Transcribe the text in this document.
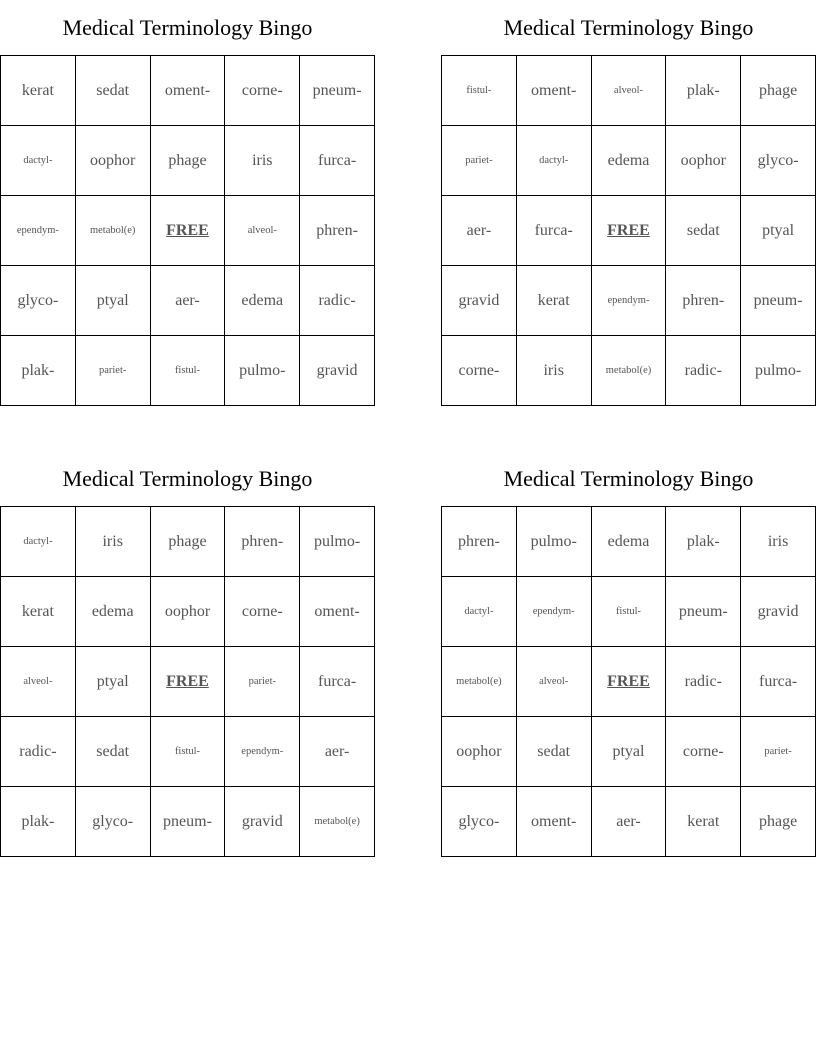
Medical Terminology Bingo
kerat	sedat	oment-	corne-	pneum-
dactyl-	oophor	phage	iris	furca-
ependym-	metabol(e)	FREE	alveol-	phren-
glyco-	ptyal	aer-	edema	radic-
plak-	pariet-	fistul-	pulmo-	gravid
Medical Terminology Bingo
fistul-	oment-	alveol-	plak-	phage
pariet-	dactyl-	edema	oophor	glyco-
aer-	furca-	FREE	sedat	ptyal
gravid	kerat	ependym-	phren-	pneum-
corne-	iris	metabol(e)	radic-	pulmo-
Medical Terminology Bingo
dactyl-	iris	phage	phren-	pulmo-
kerat	edema	oophor	corne-	oment-
alveol-	ptyal	FREE	pariet-	furca-
radic-	sedat	fistul-	ependym-	aer-
plak-	glyco-	pneum-	gravid	metabol(e)
Medical Terminology Bingo
phren-	pulmo-	edema	plak-	iris
dactyl-	ependym-	fistul-	pneum-	gravid
metabol(e)	alveol-	FREE	radic-	furca-
oophor	sedat	ptyal	corne-	pariet-
glyco-	oment-	aer-	kerat	phage
